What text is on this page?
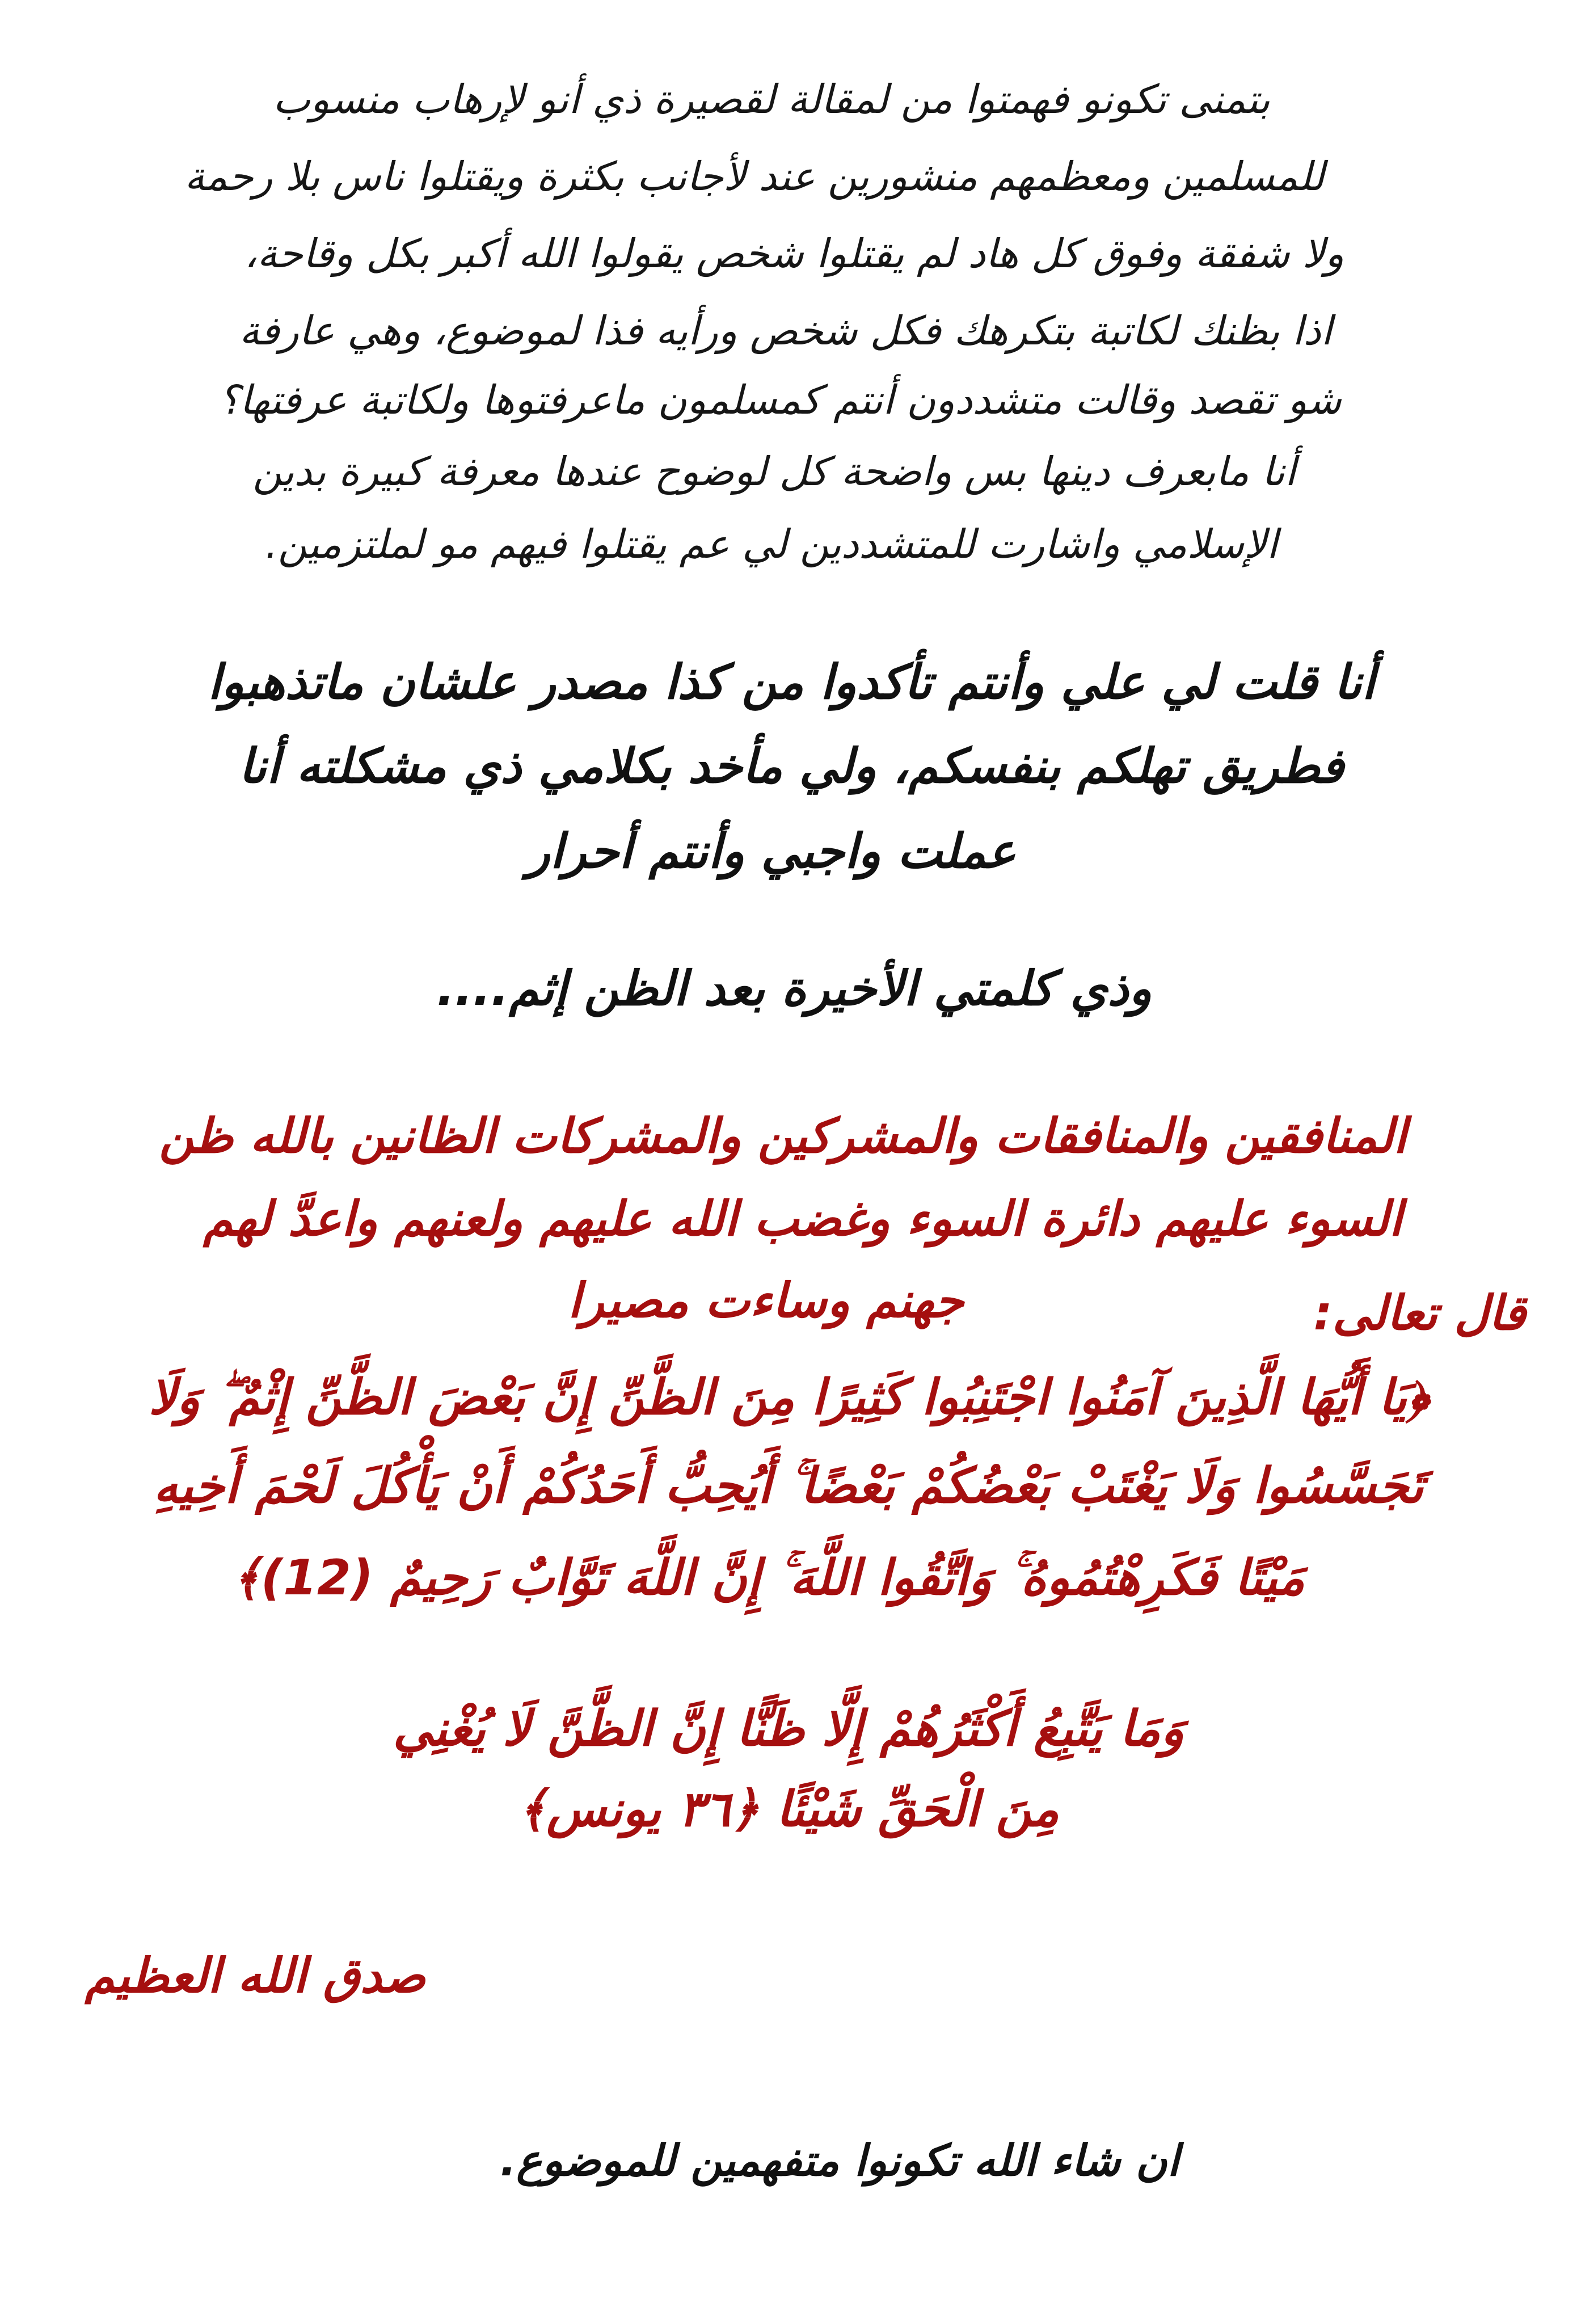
بتمنى تكونو فهمتوا من لمقالة لقصيرة ذي أنو لإرهاب منسوب
للمسلمين ومعظمهم منشورين عند لأجانب بكثرة ويقتلوا ناس بلا رحمة
ولا شفقة وفوق كل هاد لم يقتلوا شخص يقولوا الله أكبر بكل وقاحة،
اذا بظنك لكاتبة بتكرهك فكل شخص ورأيه فذا لموضوع، وهي عارفة
شو تقصد وقالت متشددون أنتم كمسلمون ماعرفتوها ولكاتبة عرفتها؟
أنا مابعرف دينها بس واضحة كل لوضوح عندها معرفة كبيرة بدين
الإسلامي واشارت للمتشددين لي عم يقتلوا فيهم مو لملتزمين.
أنا قلت لي علي وأنتم تأكدوا من كذا مصدر علشان ماتذهبوا
فطريق تهلكم بنفسكم، ولي مأخد بكلامي ذي مشكلته أنا
عملت واجبي وأنتم أحرار
وذي كلمتي الأخيرة بعد الظن إثم....
المنافقين والمنافقات والمشركين والمشركات الظانين بالله ظن
السوء عليهم دائرة السوء وغضب الله عليهم ولعنهم واعدَّ لهم
جهنم وساءت مصيرا	قال تعالى:
﴿يَا أَيُّهَا الَّذِينَ آمَنُوا اجْتَنِبُوا كَثِيرًا مِنَ الظَّنِّ إِنَّ بَعْضَ الظَّنِّ إِثْمٌ ۖ وَلَا
تَجَسَّسُوا وَلَا يَغْتَبْ بَعْضُكُمْ بَعْضًا ۚ أَيُحِبُّ أَحَدُكُمْ أَنْ يَأْكُلَ لَحْمَ أَخِيهِ
مَيْتًا فَكَرِهْتُمُوهُ ۚ وَاتَّقُوا اللَّهَ ۚ إِنَّ اللَّهَ تَوَّابٌ رَحِيمٌ (12)﴾
وَمَا يَتَّبِعُ أَكْثَرُهُمْ إِلَّا ظَنًّا إِنَّ الظَّنَّ لَا يُغْنِي
مِنَ الْحَقِّ شَيْئًا ﴿٣٦ يونس﴾
صدق الله العظيم
ان شاء الله تكونوا متفهمين للموضوع.
